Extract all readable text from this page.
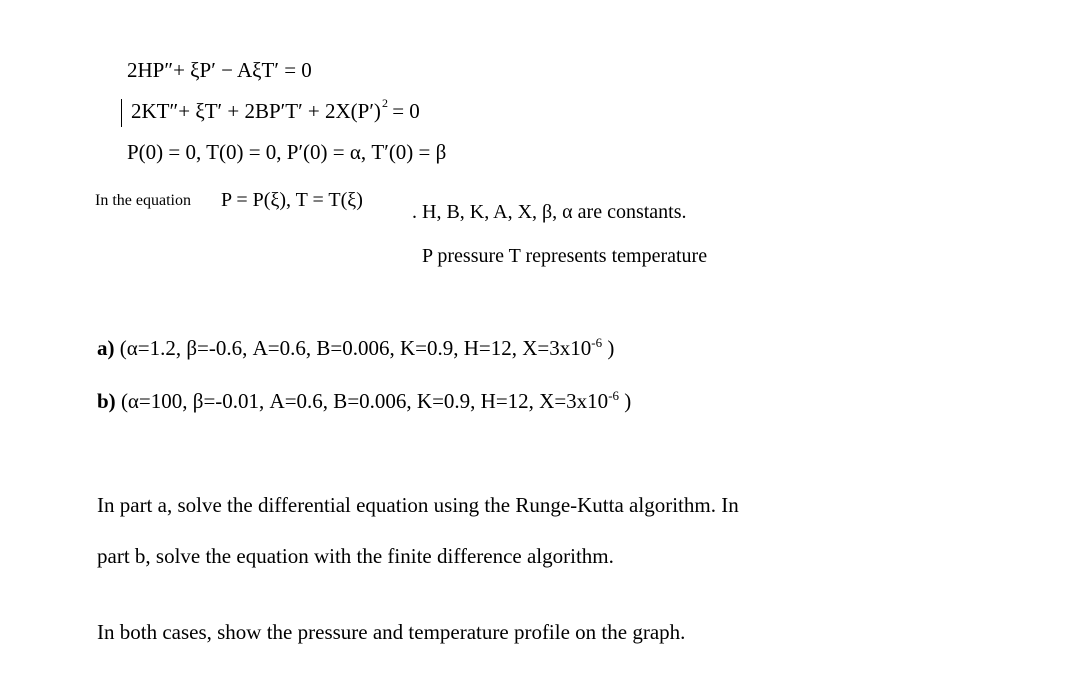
2HP″+ ξP′ − AξT′ = 0
$2KT''+ \xi T' + 2BP'T' + 2X(P')^2 = 0$
P(0) = 0, T(0) = 0, P′(0) = α, T′(0) = β
In the equation P = P(ξ), T = T(ξ)
. H, B, K, A, X, β, α are constants.
P pressure T represents temperature
a) (α=1.2, β=-0.6, A=0.6, B=0.006, K=0.9, H=12, $X=3x10^{-6}$ )
b) (α=100, β=-0.01, A=0.6, B=0.006, K=0.9, H=12, $X=3x10^{-6}$ )
In part a, solve the differential equation using the Runge-Kutta algorithm. In
part b, solve the equation with the finite difference algorithm.
In both cases, show the pressure and temperature profile on the graph.
